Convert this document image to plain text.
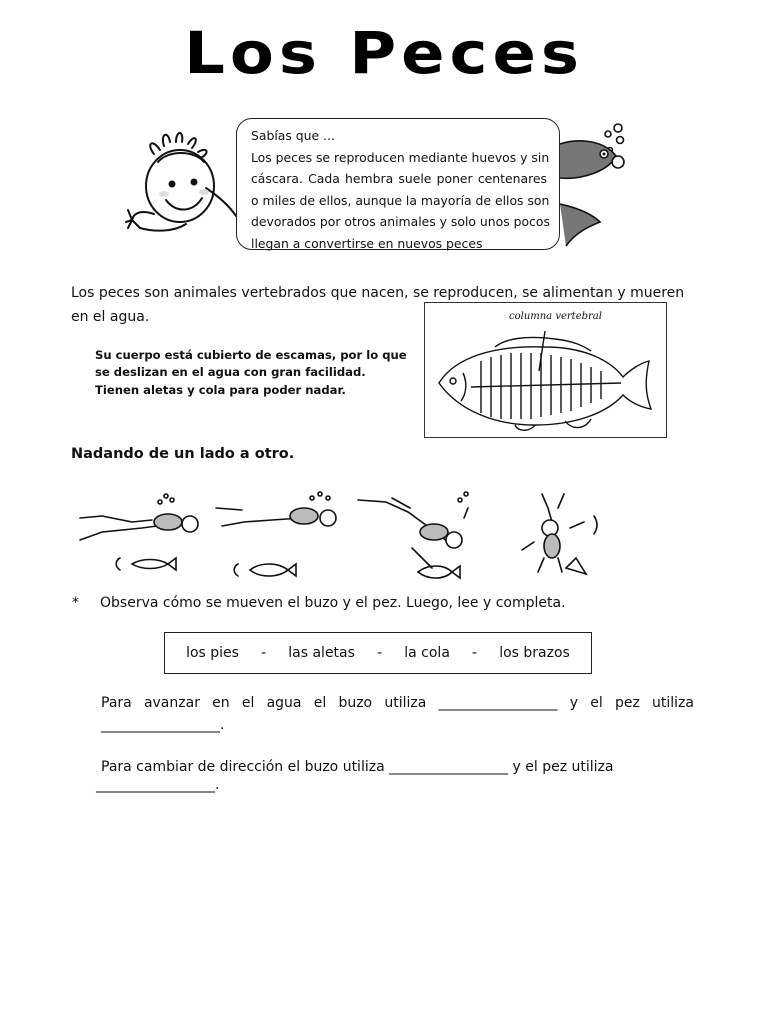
Los Peces
Sabías que ...
Los peces se reproducen mediante huevos y sin
cáscara. Cada hembra suele poner centenares
o miles de ellos, aunque la mayoría de ellos son
devorados por otros animales y solo unos pocos
llegan a convertirse en nuevos peces
Los peces son animales vertebrados que nacen, se reproducen, se alimentan y mueren en el agua.
Su cuerpo está cubierto de escamas, por lo que se deslizan en el agua con gran facilidad. Tienen aletas y cola para poder nadar.
columna vertebral
Nadando de un lado a otro.
* Observa cómo se mueven el buzo y el pez. Luego, lee y completa.
los pies - las aletas - la cola - los brazos
Para avanzar en el agua el buzo utiliza _________________ y el pez utiliza
_________________.
Para cambiar de dirección el buzo utiliza _________________ y el pez utiliza
_________________.
